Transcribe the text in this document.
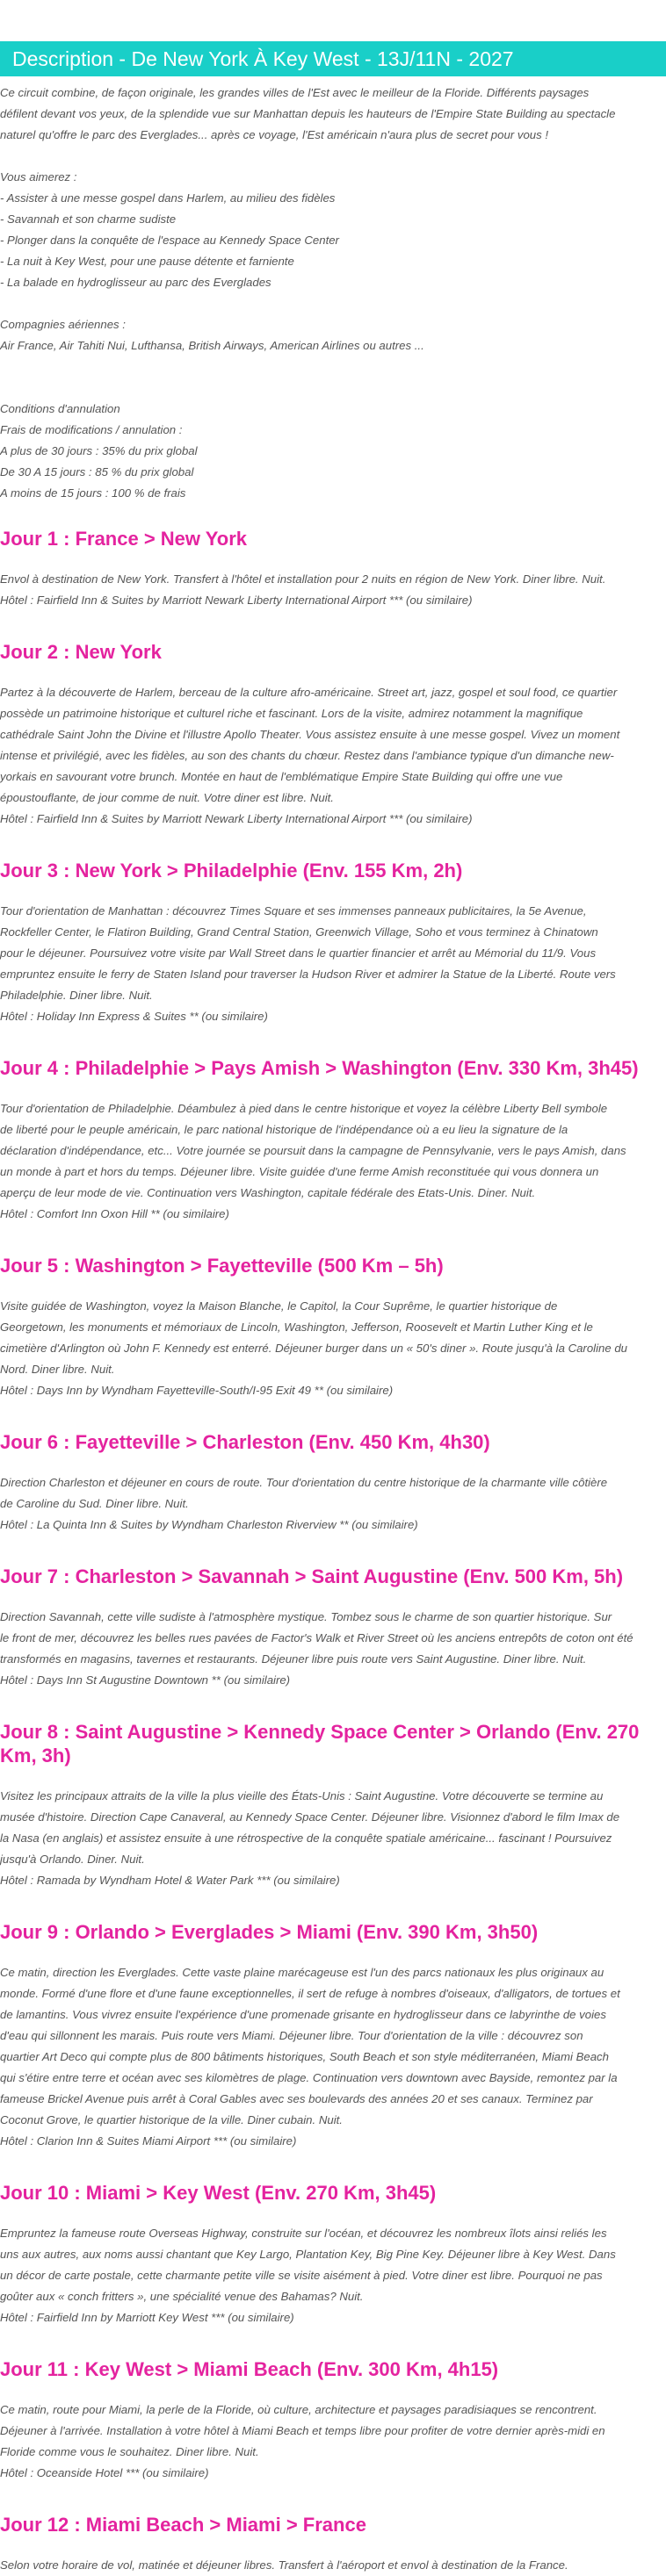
Description - De New York À Key West - 13J/11N - 2027
Ce circuit combine, de façon originale, les grandes villes de l'Est avec le meilleur de la Floride. Différents paysages
défilent devant vos yeux, de la splendide vue sur Manhattan depuis les hauteurs de l'Empire State Building au spectacle
naturel qu'offre le parc des Everglades... après ce voyage, l'Est américain n'aura plus de secret pour vous !
Vous aimerez :
- Assister à une messe gospel dans Harlem, au milieu des fidèles
- Savannah et son charme sudiste
- Plonger dans la conquête de l'espace au Kennedy Space Center
- La nuit à Key West, pour une pause détente et farniente
- La balade en hydroglisseur au parc des Everglades
Compagnies aériennes :
Air France, Air Tahiti Nui, Lufthansa, British Airways, American Airlines ou autres ...
Conditions d'annulation
Frais de modifications / annulation :
A plus de 30 jours : 35% du prix global
De 30 A 15 jours : 85 % du prix global
A moins de 15 jours : 100 % de frais
Jour 1 : France > New York
Envol à destination de New York. Transfert à l'hôtel et installation pour 2 nuits en région de New York. Diner libre. Nuit.
Hôtel : Fairfield Inn & Suites by Marriott Newark Liberty International Airport *** (ou similaire)
Jour 2 : New York
Partez à la découverte de Harlem, berceau de la culture afro-américaine. Street art, jazz, gospel et soul food, ce quartier
possède un patrimoine historique et culturel riche et fascinant. Lors de la visite, admirez notamment la magnifique
cathédrale Saint John the Divine et l'illustre Apollo Theater. Vous assistez ensuite à une messe gospel. Vivez un moment
intense et privilégié, avec les fidèles, au son des chants du chœur. Restez dans l'ambiance typique d'un dimanche new-
yorkais en savourant votre brunch. Montée en haut de l'emblématique Empire State Building qui offre une vue
époustouflante, de jour comme de nuit. Votre diner est libre. Nuit.
Hôtel : Fairfield Inn & Suites by Marriott Newark Liberty International Airport *** (ou similaire)
Jour 3 : New York > Philadelphie (Env. 155 Km, 2h)
Tour d'orientation de Manhattan : découvrez Times Square et ses immenses panneaux publicitaires, la 5e Avenue,
Rockfeller Center, le Flatiron Building, Grand Central Station, Greenwich Village, Soho et vous terminez à Chinatown
pour le déjeuner. Poursuivez votre visite par Wall Street dans le quartier financier et arrêt au Mémorial du 11/9. Vous
empruntez ensuite le ferry de Staten Island pour traverser la Hudson River et admirer la Statue de la Liberté. Route vers
Philadelphie. Diner libre. Nuit.
Hôtel : Holiday Inn Express & Suites ** (ou similaire)
Jour 4 : Philadelphie > Pays Amish > Washington (Env. 330 Km, 3h45)
Tour d'orientation de Philadelphie. Déambulez à pied dans le centre historique et voyez la célèbre Liberty Bell symbole
de liberté pour le peuple américain, le parc national historique de l'indépendance où a eu lieu la signature de la
déclaration d'indépendance, etc... Votre journée se poursuit dans la campagne de Pennsylvanie, vers le pays Amish, dans
un monde à part et hors du temps. Déjeuner libre. Visite guidée d'une ferme Amish reconstituée qui vous donnera un
aperçu de leur mode de vie. Continuation vers Washington, capitale fédérale des Etats-Unis. Diner. Nuit.
Hôtel : Comfort Inn Oxon Hill ** (ou similaire)
Jour 5 : Washington > Fayetteville (500 Km – 5h)
Visite guidée de Washington, voyez la Maison Blanche, le Capitol, la Cour Suprême, le quartier historique de
Georgetown, les monuments et mémoriaux de Lincoln, Washington, Jefferson, Roosevelt et Martin Luther King et le
cimetière d'Arlington où John F. Kennedy est enterré. Déjeuner burger dans un « 50's diner ». Route jusqu'à la Caroline du
Nord. Diner libre. Nuit.
Hôtel : Days Inn by Wyndham Fayetteville-South/I-95 Exit 49 ** (ou similaire)
Jour 6 : Fayetteville > Charleston (Env. 450 Km, 4h30)
Direction Charleston et déjeuner en cours de route. Tour d'orientation du centre historique de la charmante ville côtière
de Caroline du Sud. Diner libre. Nuit.
Hôtel : La Quinta Inn & Suites by Wyndham Charleston Riverview ** (ou similaire)
Jour 7 : Charleston > Savannah > Saint Augustine (Env. 500 Km, 5h)
Direction Savannah, cette ville sudiste à l'atmosphère mystique. Tombez sous le charme de son quartier historique. Sur
le front de mer, découvrez les belles rues pavées de Factor's Walk et River Street où les anciens entrepôts de coton ont été
transformés en magasins, tavernes et restaurants. Déjeuner libre puis route vers Saint Augustine. Diner libre. Nuit.
Hôtel : Days Inn St Augustine Downtown ** (ou similaire)
Jour 8 : Saint Augustine > Kennedy Space Center > Orlando (Env. 270 Km, 3h)
Visitez les principaux attraits de la ville la plus vieille des États-Unis : Saint Augustine. Votre découverte se termine au
musée d'histoire. Direction Cape Canaveral, au Kennedy Space Center. Déjeuner libre. Visionnez d'abord le film Imax de
la Nasa (en anglais) et assistez ensuite à une rétrospective de la conquête spatiale américaine... fascinant ! Poursuivez
jusqu'à Orlando. Diner. Nuit.
Hôtel : Ramada by Wyndham Hotel & Water Park *** (ou similaire)
Jour 9 : Orlando > Everglades > Miami (Env. 390 Km, 3h50)
Ce matin, direction les Everglades. Cette vaste plaine marécageuse est l'un des parcs nationaux les plus originaux au
monde. Formé d'une flore et d'une faune exceptionnelles, il sert de refuge à nombres d'oiseaux, d'alligators, de tortues et
de lamantins. Vous vivrez ensuite l'expérience d'une promenade grisante en hydroglisseur dans ce labyrinthe de voies
d'eau qui sillonnent les marais. Puis route vers Miami. Déjeuner libre. Tour d'orientation de la ville : découvrez son
quartier Art Deco qui compte plus de 800 bâtiments historiques, South Beach et son style méditerranéen, Miami Beach
qui s'étire entre terre et océan avec ses kilomètres de plage. Continuation vers downtown avec Bayside, remontez par la
fameuse Brickel Avenue puis arrêt à Coral Gables avec ses boulevards des années 20 et ses canaux. Terminez par
Coconut Grove, le quartier historique de la ville. Diner cubain. Nuit.
Hôtel : Clarion Inn & Suites Miami Airport *** (ou similaire)
Jour 10 : Miami > Key West (Env. 270 Km, 3h45)
Empruntez la fameuse route Overseas Highway, construite sur l'océan, et découvrez les nombreux îlots ainsi reliés les
uns aux autres, aux noms aussi chantant que Key Largo, Plantation Key, Big Pine Key. Déjeuner libre à Key West. Dans
un décor de carte postale, cette charmante petite ville se visite aisément à pied. Votre diner est libre. Pourquoi ne pas
goûter aux « conch fritters », une spécialité venue des Bahamas? Nuit.
Hôtel : Fairfield Inn by Marriott Key West *** (ou similaire)
Jour 11 : Key West > Miami Beach (Env. 300 Km, 4h15)
Ce matin, route pour Miami, la perle de la Floride, où culture, architecture et paysages paradisiaques se rencontrent.
Déjeuner à l'arrivée. Installation à votre hôtel à Miami Beach et temps libre pour profiter de votre dernier après-midi en
Floride comme vous le souhaitez. Diner libre. Nuit.
Hôtel : Oceanside Hotel *** (ou similaire)
Jour 12 : Miami Beach > Miami > France
Selon votre horaire de vol, matinée et déjeuner libres. Transfert à l'aéroport et envol à destination de la France.
